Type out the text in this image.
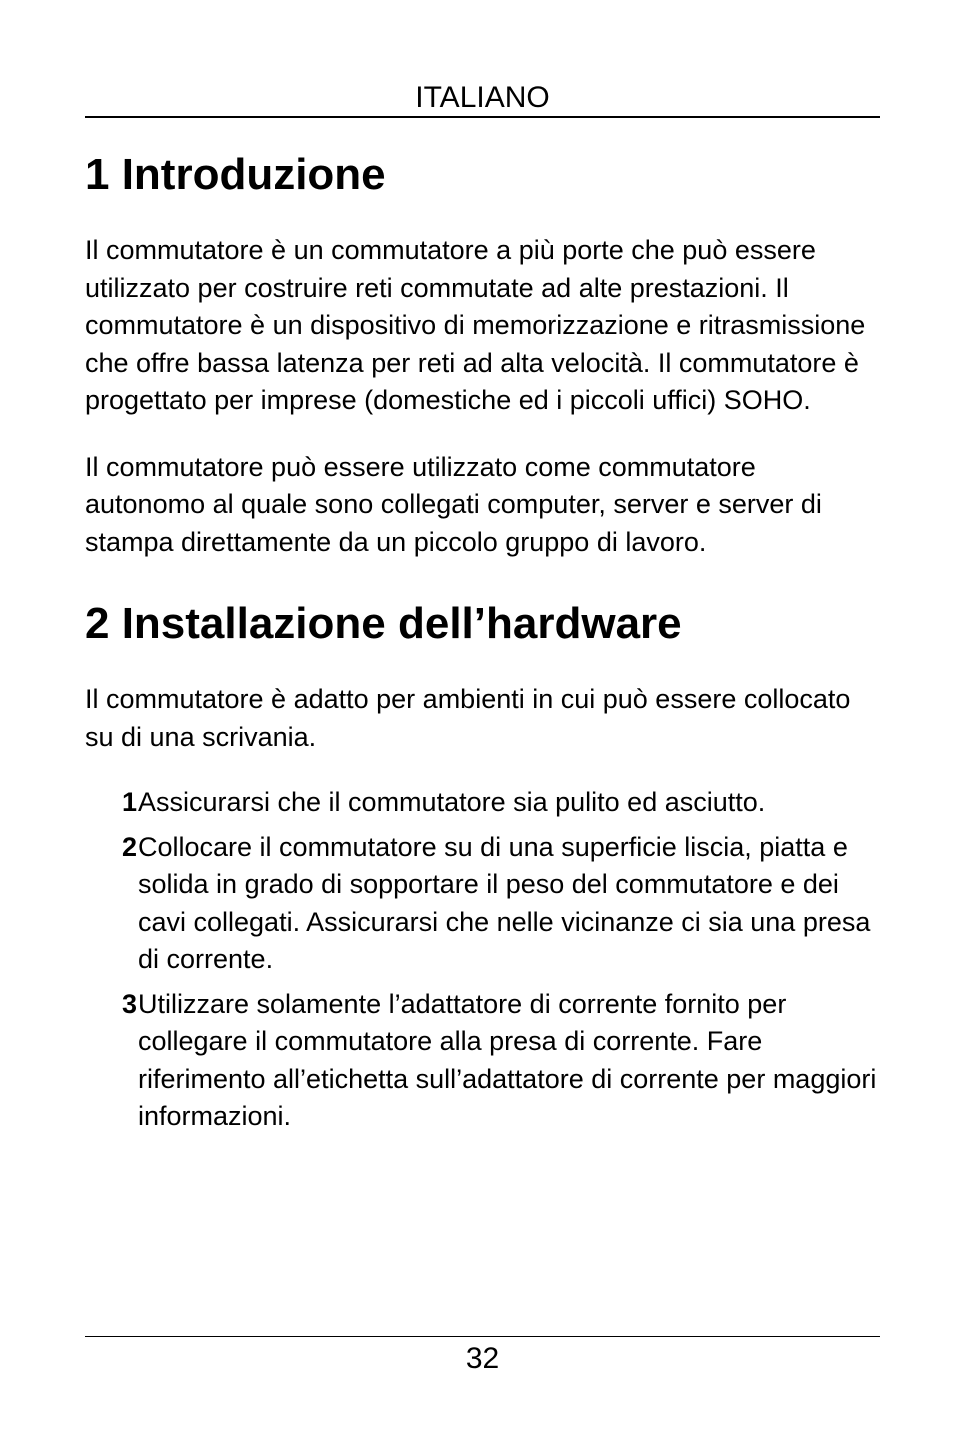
ITALIANO
1 Introduzione

Il commutatore è un commutatore a più porte che può essere utilizzato per costruire reti commutate ad alte prestazioni. Il commutatore è un dispositivo di memorizzazione e ritrasmissione che offre bassa latenza per reti ad alta velocità. Il commutatore è progettato per imprese (domestiche ed i piccoli uffici) SOHO.

Il commutatore può essere utilizzato come commutatore autonomo al quale sono collegati computer, server e server di stampa direttamente da un piccolo gruppo di lavoro.

2 Installazione dell’hardware

Il commutatore è adatto per ambienti in cui può essere collocato su di una scrivania.

1 Assicurarsi che il commutatore sia pulito ed asciutto.
2 Collocare il commutatore su di una superficie liscia, piatta e solida in grado di sopportare il peso del commutatore e dei cavi collegati. Assicurarsi che nelle vicinanze ci sia una presa di corrente.
3 Utilizzare solamente l’adattatore di corrente fornito per collegare il commutatore alla presa di corrente. Fare riferimento all’etichetta sull’adattatore di corrente per maggiori informazioni.
32
